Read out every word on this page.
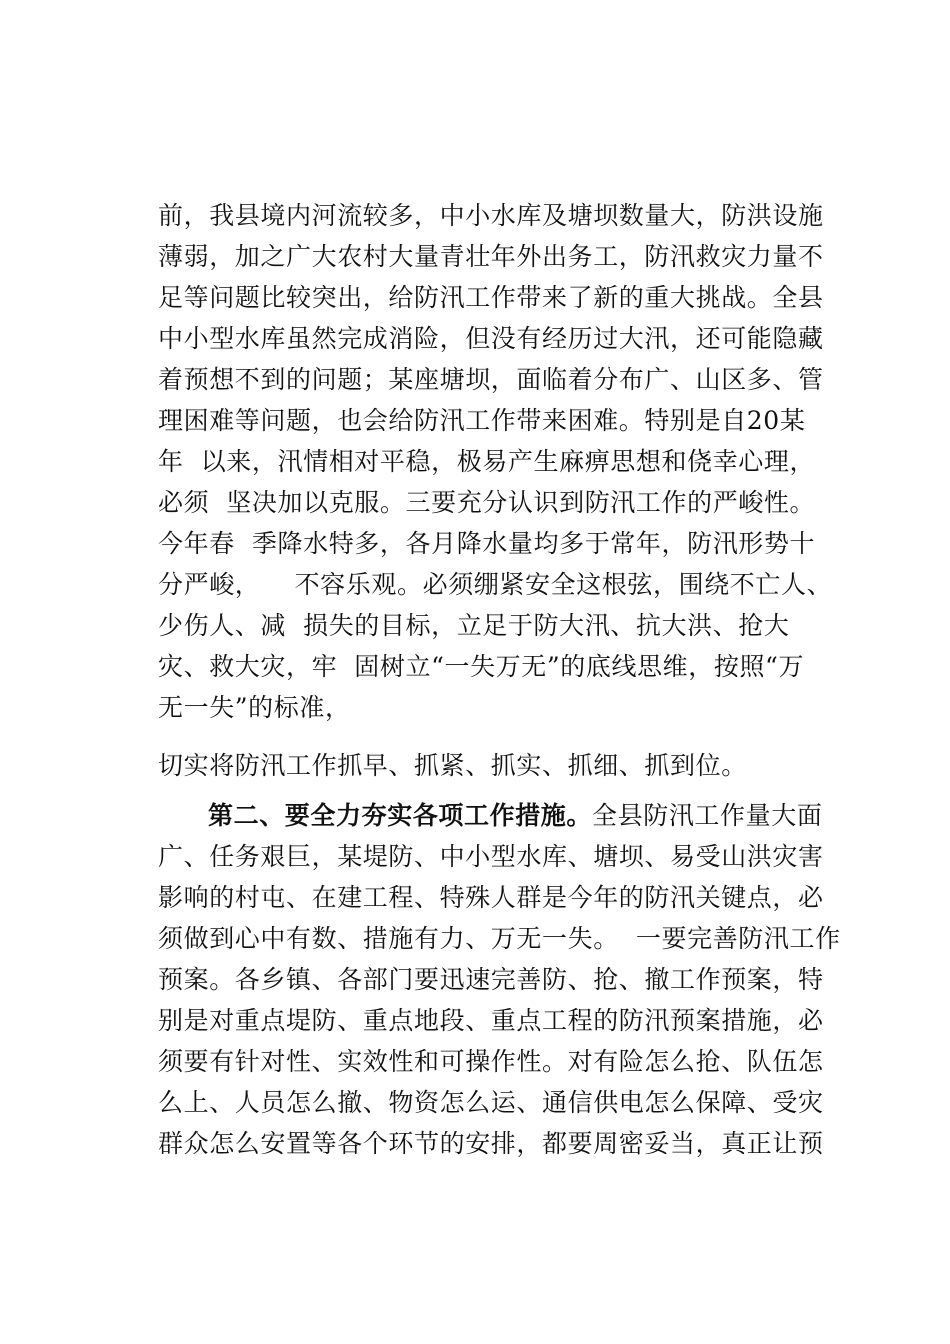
前，我县境内河流较多，中小水库及塘坝数量大，防洪设施
薄弱，加之广大农村大量青壮年外出务工，防汛救灾力量不
足等问题比较突出，给防汛工作带来了新的重大挑战。全县
中小型水库虽然完成消险，但没有经历过大汛，还可能隐藏
着预想不到的问题；某座塘坝，面临着分布广、山区多、管
理困难等问题，也会给防汛工作带来困难。特别是自20某
年  以来，汛情相对平稳，极易产生麻痹思想和侥幸心理，
必须  坚决加以克服。三要充分认识到防汛工作的严峻性。
今年春  季降水特多，各月降水量均多于常年，防汛形势十
分严峻，    不容乐观。必须绷紧安全这根弦，围绕不亡人、
少伤人、减  损失的目标，立足于防大汛、抗大洪、抢大
灾、救大灾，牢  固树立“一失万无”的底线思维，按照“万
无一失”的标准，
切实将防汛工作抓早、抓紧、抓实、抓细、抓到位。
第二、要全力夯实各项工作措施。全县防汛工作量大面
广、任务艰巨，某堤防、中小型水库、塘坝、易受山洪灾害
影响的村屯、在建工程、特殊人群是今年的防汛关键点，必
须做到心中有数、措施有力、万无一失。  一要完善防汛工作
预案。各乡镇、各部门要迅速完善防、抢、撤工作预案，特
别是对重点堤防、重点地段、重点工程的防汛预案措施，必
须要有针对性、实效性和可操作性。对有险怎么抢、队伍怎
么上、人员怎么撤、物资怎么运、通信供电怎么保障、受灾
群众怎么安置等各个环节的安排，都要周密妥当，真正让预
